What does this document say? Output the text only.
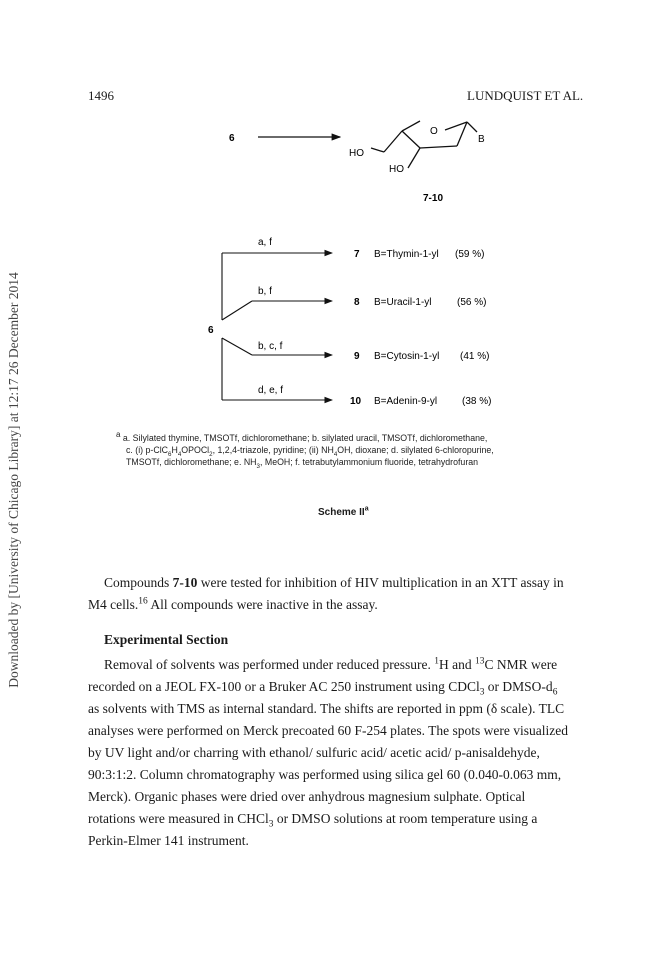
1496	LUNDQUIST ET AL.
Downloaded by [University of Chicago Library] at 12:17 26 December 2014
6
O
B
HO
HO
7-10
6
a, f
b, f
b, c, f
d, e, f
7 B=Thymin-1-yl (59 %)
8 B=Uracil-1-yl	(56 %)
9 B=Cytosin-1-yl (41 %)
10 B=Adenin-9-yl (38 %)
$^a$ a. Silylated thymine, TMSOTf, dichloromethane; b. silylated uracil, TMSOTf, dichloromethane,
c. (i) $p-ClC_6H_4OPOCl_2$, 1,2,4-triazole, pyridine; (ii) $NH_4OH$, dioxane; d. silylated 6-chloropurine,
TMSOTf, dichloromethane; e. $NH_3$, MeOH; f. tetrabutylammonium fluoride, tetrahydrofuran
Scheme $II^a$
Compounds 7-10 were tested for inhibition of HIV multiplication in an XTT assay in
M4 cells.$^{16}$ All compounds were inactive in the assay.
Experimental Section
Removal of solvents was performed under reduced pressure. $^1$H and $^{13}$C NMR were
recorded on a JEOL FX-100 or a Bruker AC 250 instrument using CDCl$_3$ or DMSO-$d_6$
as solvents with TMS as internal standard. The shifts are reported in ppm (δ scale). TLC
analyses were performed on Merck precoated 60 F-254 plates. The spots were visualized
by UV light and/or charring with ethanol/ sulfuric acid/ acetic acid/ p-anisaldehyde,
90:3:1:2. Column chromatography was performed using silica gel 60 (0.040-0.063 mm,
Merck). Organic phases were dried over anhydrous magnesium sulphate. Optical
rotations were measured in CHCl$_3$ or DMSO solutions at room temperature using a
Perkin-Elmer 141 instrument.
